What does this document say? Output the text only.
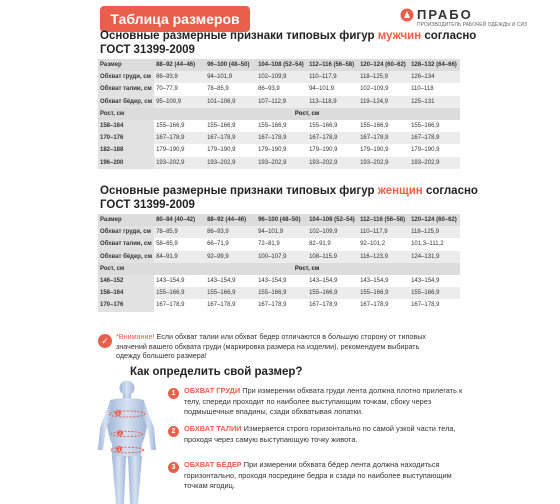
Таблица размеров	ПРАБО
ПРОИЗВОДИТЕЛЬ РАБОЧЕЙ ОДЕЖДЫ И СИЗ
Основные размерные признаки типовых фигур мужчин согласно
ГОСТ 31399-2009
Размер	88–92 (44–46)	96–100 (48–50)	104–108 (52–54)	112–116 (56–58)	120–124 (60–62)	128–132 (64–66)
Обхват груди, см	86–93,9	94–101,9	102–109,9	110–117,9	118–125,9	126–134
Обхват талии, см	70–77,9	78–85,9	86–93,9	94–101,9	102–109,9	110–118
Обхват бёдер, см	95–100,9	101–106,9	107–112,9	113–118,9	119–124,9	125–131
Рост, см	Рост, см					
158–164	155–166,9	155–166,9	155–166,9	155–166,9	155–166,9	155–166,9
170–176	167–178,9	167–178,9	167–178,9	167–178,9	167–178,9	167–178,9
182–188	179–190,9	179–190,9	179–190,9	179–190,9	179–190,9	179–190,9
196–200	193–202,9	193–202,9	193–202,9	193–202,9	193–202,9	193–202,9
Основные размерные признаки типовых фигур женщин согласно
ГОСТ 31399-2009
Размер	80–84 (40–42)	88–92 (44–46)	96–100 (48–50)	104–108 (52–54)	112–116 (56–58)	120–124 (60–62)
Обхват груди, см	78–85,9	86–93,9	94–101,9	102–109,9	110–117,9	118–125,9
Обхват талии, см	58–65,9	66–71,9	72–81,9	82–91,9	92–101,2	101,3–111,2
Обхват бёдер, см	84–91,9	92–99,9	100–107,9	108–115,9	116–123,9	124–131,9
Рост, см	Рост, см					
146–152	143–154,9	143–154,9	143–154,9	143–154,9	143–154,9	143–154,9
158–164	155–166,9	155–166,9	155–166,9	155–166,9	155–166,9	155–166,9
170–176	167–178,9	167–178,9	167–178,9	167–178,9	167–178,9	167–178,9
✓	*Внимание! Если обхват талии или обхват бедер отличаются в большую сторону от типовых
значений вашего обхвата груди (маркировка размера на изделии), рекомендуем выбирать
одежду большего размера!
Как определить свой размер?
1
2
3
1	ОБХВАТ ГРУДИ При измерении обхвата груди лента должна плотно прилегать к телу, спереди проходит по наиболее выступающим точкам, сбоку через подмышечные впадины, сзади обхватывая лопатки.
2	ОБХВАТ ТАЛИИ Измеряется строго горизонтально по самой узкой части тела, проходя через самую выступающую точку живота.
3	ОБХВАТ БЁДЕР При измерении обхвата бёдер лента должна находиться горизонтально, проходя посредине бедра и сзади по наиболее выступающим точкам ягодиц.
